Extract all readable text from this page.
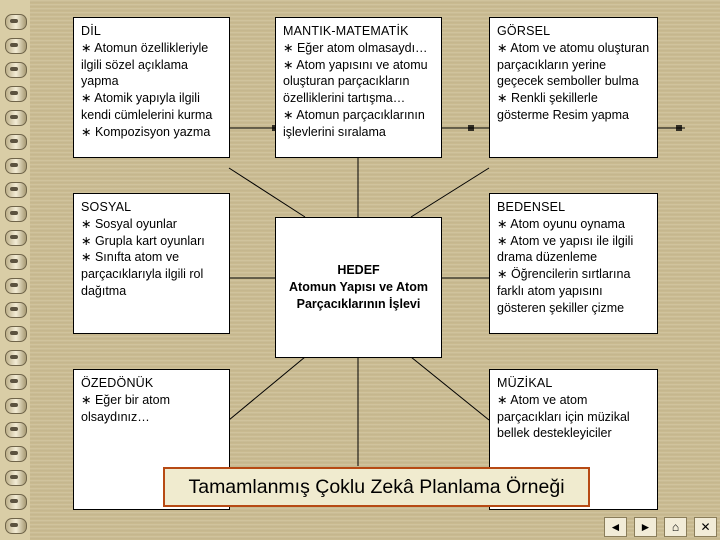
DİL
∗ Atomun özellikleriyle ilgili sözel açıklama yapma
∗ Atomik yapıyla ilgili kendi cümlelerini kurma
∗ Kompozisyon yazma
MANTIK-MATEMATİK
∗ Eğer atom olmasaydı…
∗ Atom yapısını ve atomu oluşturan parçacıkların özelliklerini tartışma…
∗ Atomun parçacıklarının işlevlerini sıralama
GÖRSEL
∗ Atom ve atomu oluşturan parçacıkların yerine geçecek semboller bulma
∗ Renkli şekillerle gösterme Resim yapma
SOSYAL
∗ Sosyal oyunlar
∗ Grupla kart oyunları
∗ Sınıfta atom ve parçacıklarıyla ilgili rol dağıtma
HEDEF
Atomun Yapısı ve Atom Parçacıklarının İşlevi
BEDENSEL
∗ Atom oyunu oynama
∗ Atom ve yapısı ile ilgili drama düzenleme
∗ Öğrencilerin sırtlarına farklı atom yapısını gösteren şekiller çizme
ÖZEDÖNÜK
∗ Eğer bir atom olsaydınız…
MÜZİKAL
∗ Atom ve atom parçacıkları için müzikal bellek destekleyiciler
Tamamlanmış Çoklu Zekâ Planlama Örneği
◄ ► ⌂ ✕
